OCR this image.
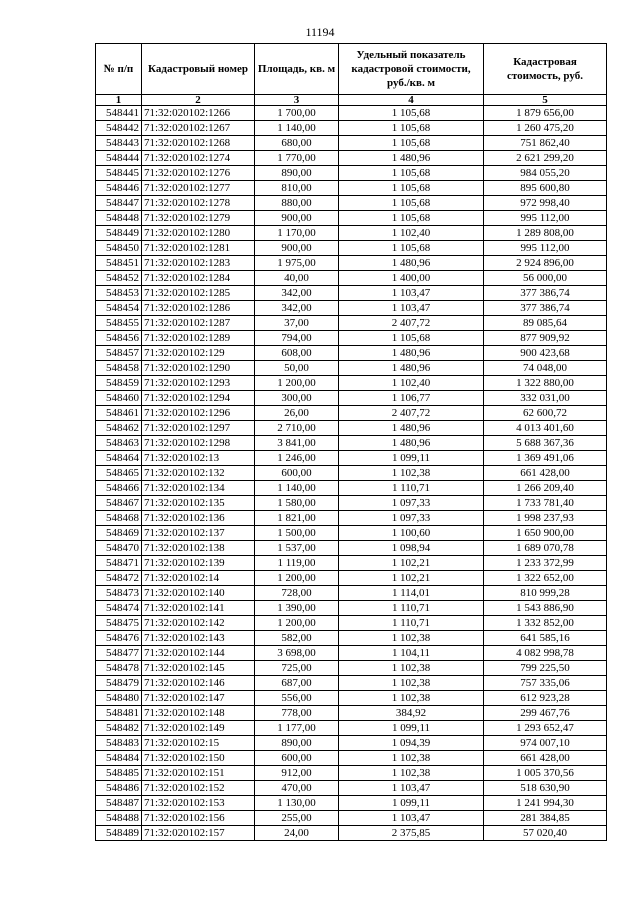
11194
№ п/п	Кадастровый номер	Площадь, кв. м	Удельный показатель кадастровой стоимости, руб./кв. м	Кадастровая стоимость, руб.
1	2	3	4	5
548441	71:32:020102:1266	1 700,00	1 105,68	1 879 656,00
548442	71:32:020102:1267	1 140,00	1 105,68	1 260 475,20
548443	71:32:020102:1268	680,00	1 105,68	751 862,40
548444	71:32:020102:1274	1 770,00	1 480,96	2 621 299,20
548445	71:32:020102:1276	890,00	1 105,68	984 055,20
548446	71:32:020102:1277	810,00	1 105,68	895 600,80
548447	71:32:020102:1278	880,00	1 105,68	972 998,40
548448	71:32:020102:1279	900,00	1 105,68	995 112,00
548449	71:32:020102:1280	1 170,00	1 102,40	1 289 808,00
548450	71:32:020102:1281	900,00	1 105,68	995 112,00
548451	71:32:020102:1283	1 975,00	1 480,96	2 924 896,00
548452	71:32:020102:1284	40,00	1 400,00	56 000,00
548453	71:32:020102:1285	342,00	1 103,47	377 386,74
548454	71:32:020102:1286	342,00	1 103,47	377 386,74
548455	71:32:020102:1287	37,00	2 407,72	89 085,64
548456	71:32:020102:1289	794,00	1 105,68	877 909,92
548457	71:32:020102:129	608,00	1 480,96	900 423,68
548458	71:32:020102:1290	50,00	1 480,96	74 048,00
548459	71:32:020102:1293	1 200,00	1 102,40	1 322 880,00
548460	71:32:020102:1294	300,00	1 106,77	332 031,00
548461	71:32:020102:1296	26,00	2 407,72	62 600,72
548462	71:32:020102:1297	2 710,00	1 480,96	4 013 401,60
548463	71:32:020102:1298	3 841,00	1 480,96	5 688 367,36
548464	71:32:020102:13	1 246,00	1 099,11	1 369 491,06
548465	71:32:020102:132	600,00	1 102,38	661 428,00
548466	71:32:020102:134	1 140,00	1 110,71	1 266 209,40
548467	71:32:020102:135	1 580,00	1 097,33	1 733 781,40
548468	71:32:020102:136	1 821,00	1 097,33	1 998 237,93
548469	71:32:020102:137	1 500,00	1 100,60	1 650 900,00
548470	71:32:020102:138	1 537,00	1 098,94	1 689 070,78
548471	71:32:020102:139	1 119,00	1 102,21	1 233 372,99
548472	71:32:020102:14	1 200,00	1 102,21	1 322 652,00
548473	71:32:020102:140	728,00	1 114,01	810 999,28
548474	71:32:020102:141	1 390,00	1 110,71	1 543 886,90
548475	71:32:020102:142	1 200,00	1 110,71	1 332 852,00
548476	71:32:020102:143	582,00	1 102,38	641 585,16
548477	71:32:020102:144	3 698,00	1 104,11	4 082 998,78
548478	71:32:020102:145	725,00	1 102,38	799 225,50
548479	71:32:020102:146	687,00	1 102,38	757 335,06
548480	71:32:020102:147	556,00	1 102,38	612 923,28
548481	71:32:020102:148	778,00	384,92	299 467,76
548482	71:32:020102:149	1 177,00	1 099,11	1 293 652,47
548483	71:32:020102:15	890,00	1 094,39	974 007,10
548484	71:32:020102:150	600,00	1 102,38	661 428,00
548485	71:32:020102:151	912,00	1 102,38	1 005 370,56
548486	71:32:020102:152	470,00	1 103,47	518 630,90
548487	71:32:020102:153	1 130,00	1 099,11	1 241 994,30
548488	71:32:020102:156	255,00	1 103,47	281 384,85
548489	71:32:020102:157	24,00	2 375,85	57 020,40
